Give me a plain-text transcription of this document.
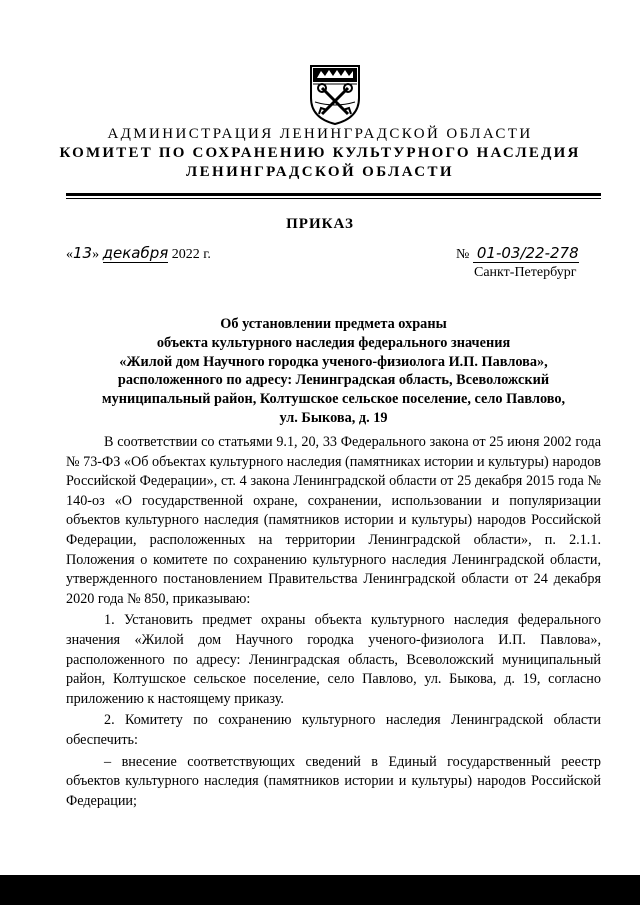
АДМИНИСТРАЦИЯ ЛЕНИНГРАДСКОЙ ОБЛАСТИ
КОМИТЕТ ПО СОХРАНЕНИЮ КУЛЬТУРНОГО НАСЛЕДИЯ
ЛЕНИНГРАДСКОЙ ОБЛАСТИ
ПРИКАЗ
«13» декабря 2022 г.	№ 01-03/22-278
Санкт-Петербург
Об установлении предмета охраны
объекта культурного наследия федерального значения
«Жилой дом Научного городка ученого-физиолога И.П. Павлова»,
расположенного по адресу: Ленинградская область, Всеволожский
муниципальный район, Колтушское сельское поселение, село Павлово,
ул. Быкова, д. 19

В соответствии со статьями 9.1, 20, 33 Федерального закона от 25 июня 2002 года № 73-ФЗ «Об объектах культурного наследия (памятниках истории и культуры) народов Российской Федерации», ст. 4 закона Ленинградской области от 25 декабря 2015 года № 140-оз «О государственной охране, сохранении, использовании и популяризации объектов культурного наследия (памятников истории и культуры) народов Российской Федерации, расположенных на территории Ленинградской области», п. 2.1.1. Положения о комитете по сохранению культурного наследия Ленинградской области, утвержденного постановлением Правительства Ленинградской области от 24 декабря 2020 года № 850, приказываю:

1. Установить предмет охраны объекта культурного наследия федерального значения «Жилой дом Научного городка ученого-физиолога И.П. Павлова», расположенного по адресу: Ленинградская область, Всеволожский муниципальный район, Колтушское сельское поселение, село Павлово, ул. Быкова, д. 19, согласно приложению к настоящему приказу.

2. Комитету по сохранению культурного наследия Ленинградской области обеспечить:

– внесение соответствующих сведений в Единый государственный реестр объектов культурного наследия (памятников истории и культуры) народов Российской Федерации;
